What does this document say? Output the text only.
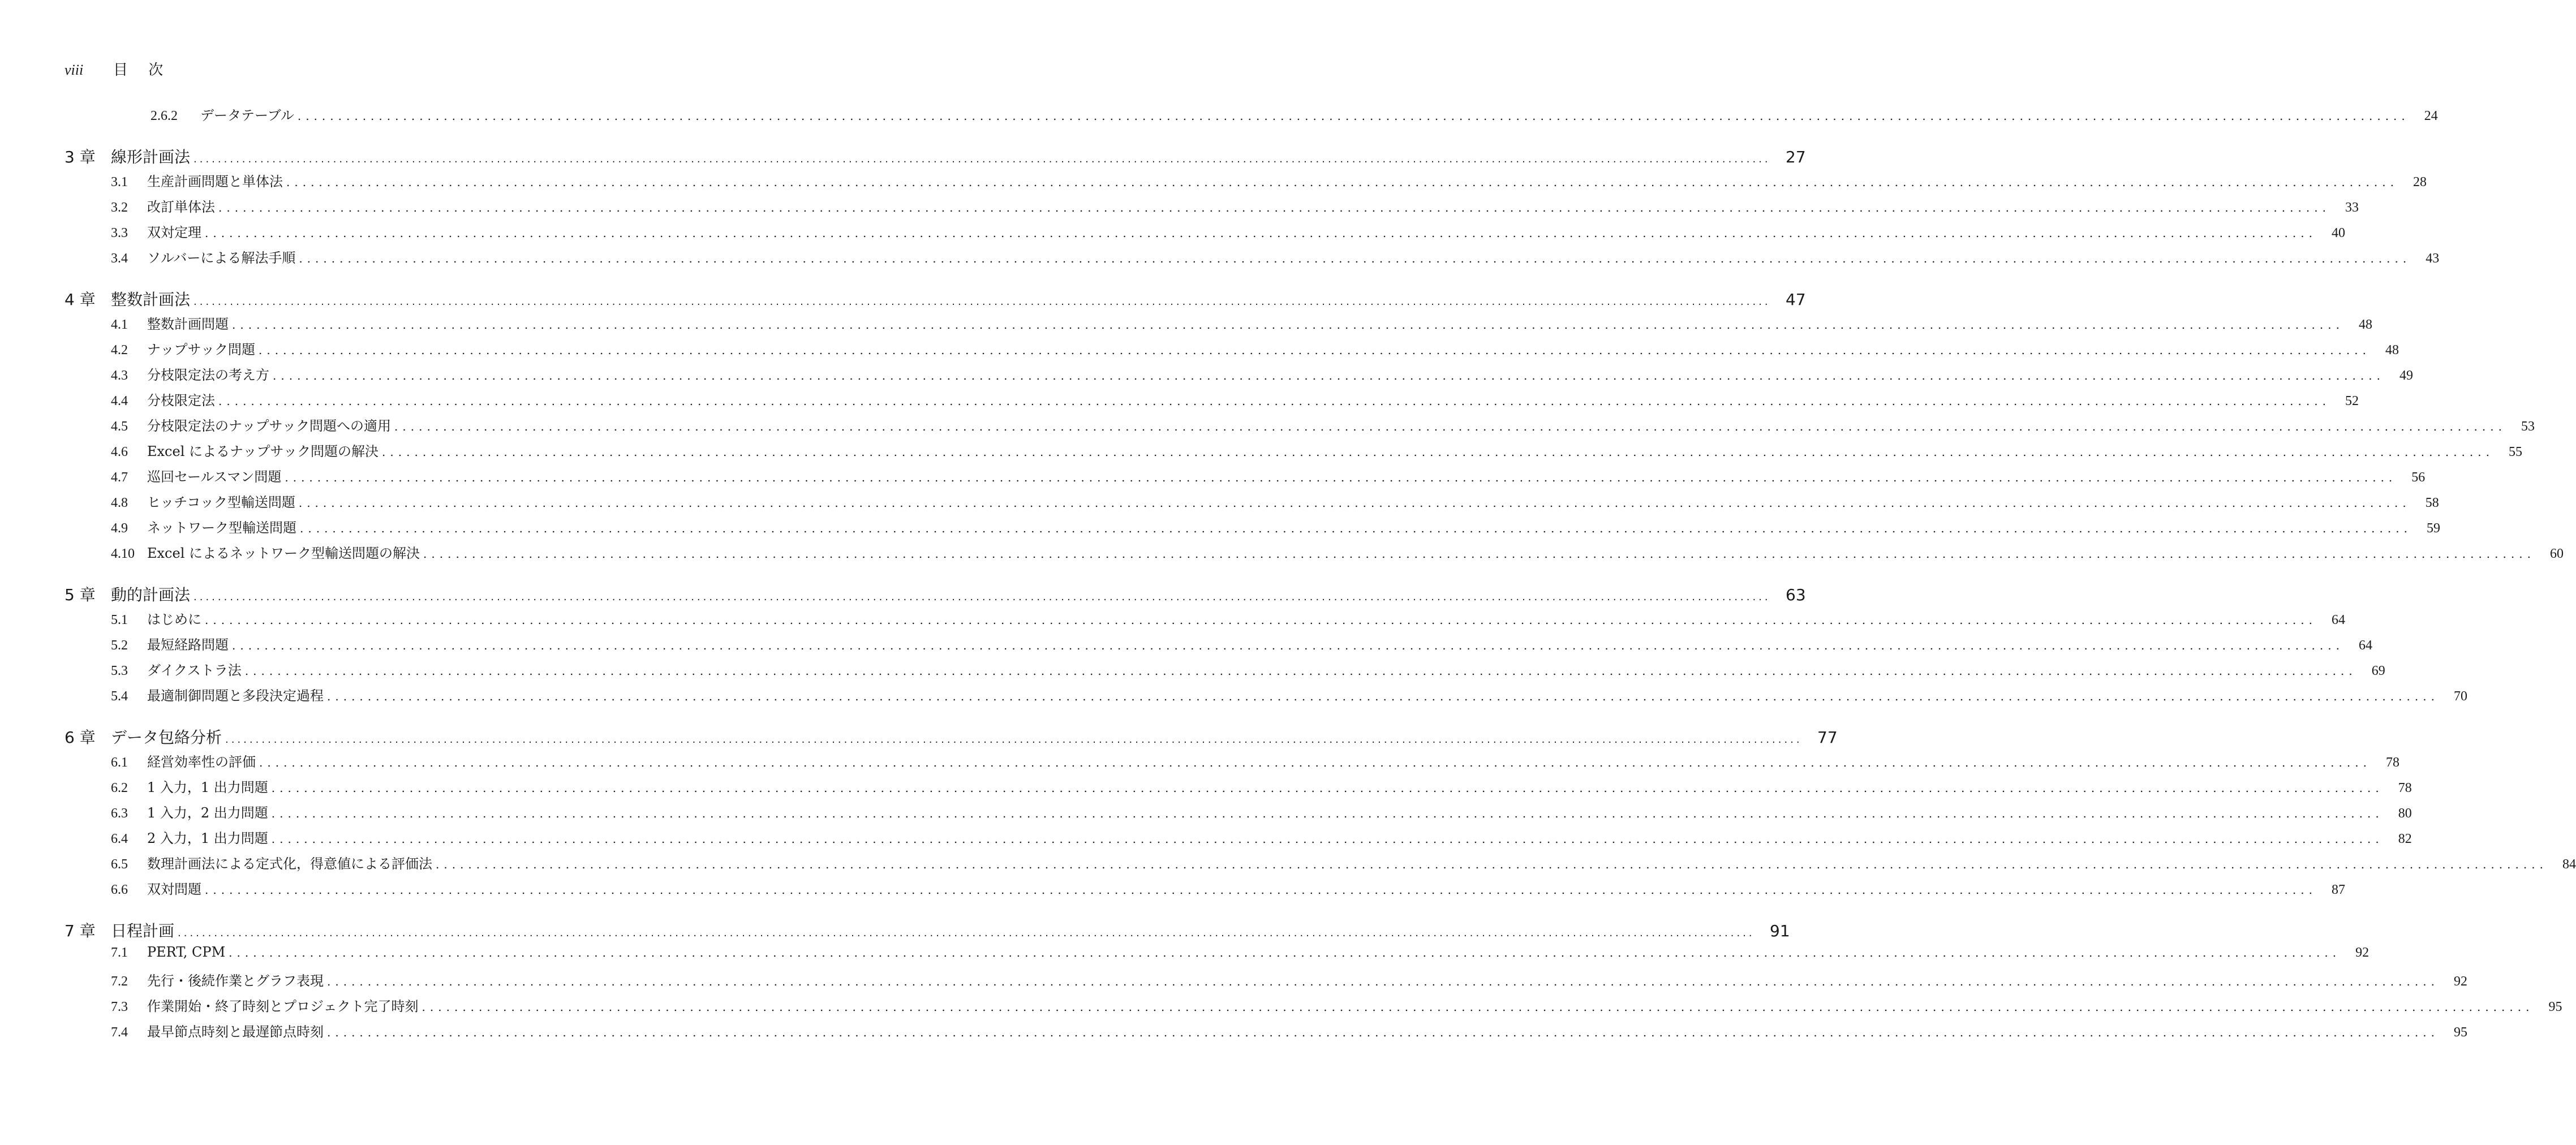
viii	目 次
2.6.2	データテーブル ....................................................................................................................................................................................................................................................................	24
3 章 線形計画法 .................................................................................................................................................................................................................................................................... 27
3.1	生産計画問題と単体法 ....................................................................................................................................................................................................................................................................	28
3.2	改訂単体法 ....................................................................................................................................................................................................................................................................	33
3.3	双対定理 ....................................................................................................................................................................................................................................................................	40
3.4	ソルバーによる解法手順 ....................................................................................................................................................................................................................................................................	43
4 章 整数計画法 .................................................................................................................................................................................................................................................................... 47
4.1	整数計画問題 ....................................................................................................................................................................................................................................................................	48
4.2	ナップサック問題 ....................................................................................................................................................................................................................................................................	48
4.3	分枝限定法の考え方 ....................................................................................................................................................................................................................................................................	49
4.4	分枝限定法 ....................................................................................................................................................................................................................................................................	52
4.5	分枝限定法のナップサック問題への適用 ....................................................................................................................................................................................................................................................................	53
4.6	Excel によるナップサック問題の解決 ....................................................................................................................................................................................................................................................................	55
4.7	巡回セールスマン問題 ....................................................................................................................................................................................................................................................................	56
4.8	ヒッチコック型輸送問題 ....................................................................................................................................................................................................................................................................	58
4.9	ネットワーク型輸送問題 ....................................................................................................................................................................................................................................................................	59
4.10 Excel によるネットワーク型輸送問題の解決 ....................................................................................................................................................................................................................................................................	60
5 章 動的計画法 .................................................................................................................................................................................................................................................................... 63
5.1	はじめに ....................................................................................................................................................................................................................................................................	64
5.2	最短経路問題 ....................................................................................................................................................................................................................................................................	64
5.3	ダイクストラ法 ....................................................................................................................................................................................................................................................................	69
5.4	最適制御問題と多段決定過程 ....................................................................................................................................................................................................................................................................	70
6 章 データ包絡分析 .................................................................................................................................................................................................................................................................... 77
6.1	経営効率性の評価 ....................................................................................................................................................................................................................................................................	78
6.2	1 入力，1 出力問題 ....................................................................................................................................................................................................................................................................	78
6.3	1 入力，2 出力問題 ....................................................................................................................................................................................................................................................................	80
6.4	2 入力，1 出力問題 ....................................................................................................................................................................................................................................................................	82
6.5	数理計画法による定式化，得意値による評価法 ....................................................................................................................................................................................................................................................................	84
6.6	双対問題 ....................................................................................................................................................................................................................................................................	87
7 章 日程計画 .................................................................................................................................................................................................................................................................... 91
7.1	PERT, CPM ....................................................................................................................................................................................................................................................................	92
7.2	先行・後続作業とグラフ表現 ....................................................................................................................................................................................................................................................................	92
7.3	作業開始・終了時刻とプロジェクト完了時刻 ....................................................................................................................................................................................................................................................................	95
7.4	最早節点時刻と最遅節点時刻 ....................................................................................................................................................................................................................................................................	95
